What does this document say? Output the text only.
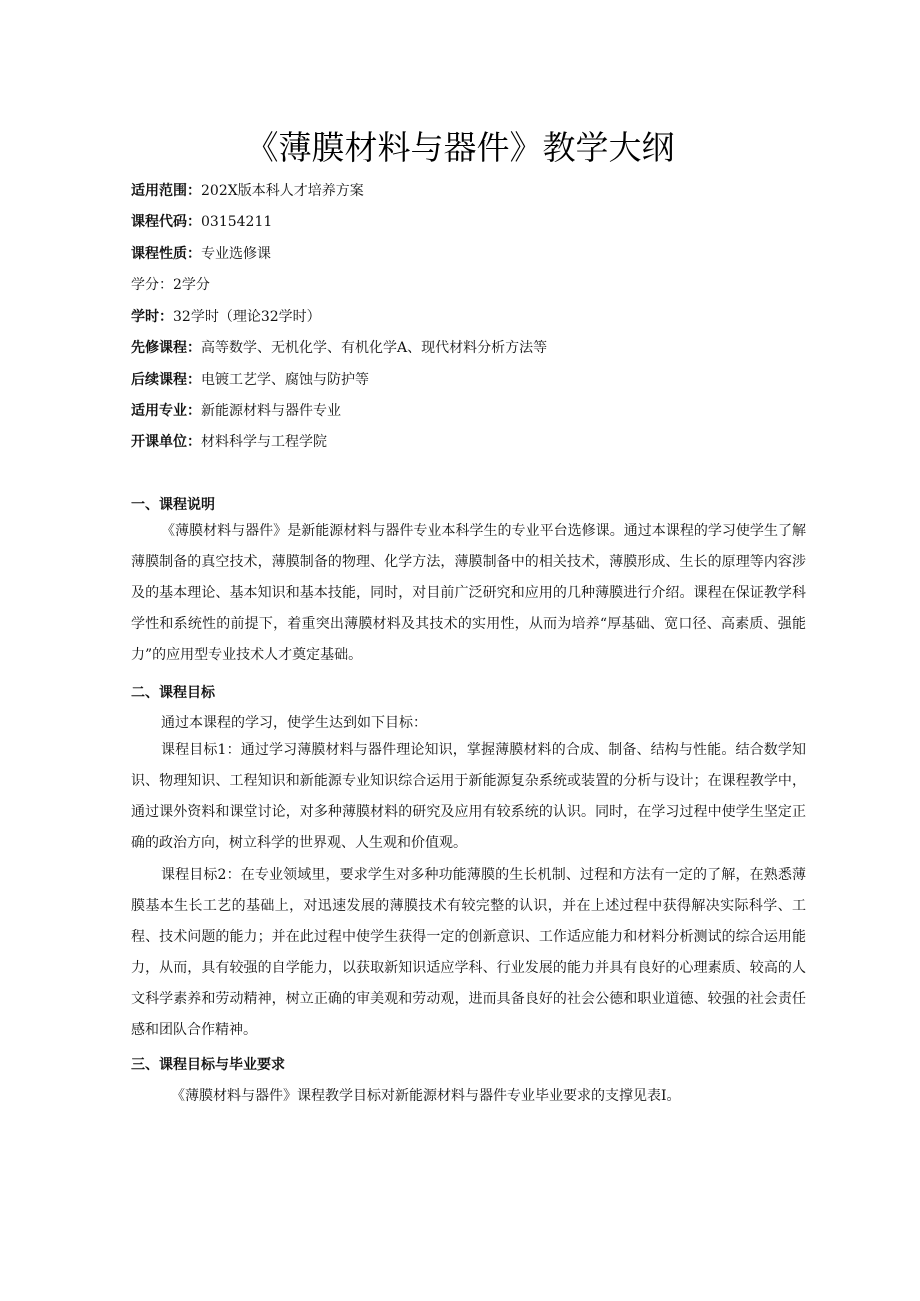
《薄膜材料与器件》教学大纲
适用范围：202X版本科人才培养方案
课程代码：03154211
课程性质：专业选修课
学分：2学分
学时：32学时（理论32学时）
先修课程：高等数学、无机化学、有机化学A、现代材料分析方法等
后续课程：电镀工艺学、腐蚀与防护等
适用专业：新能源材料与器件专业
开课单位：材料科学与工程学院
一、课程说明

《薄膜材料与器件》是新能源材料与器件专业本科学生的专业平台选修课。通过本课程的学习使学生了解薄膜制备的真空技术，薄膜制备的物理、化学方法，薄膜制备中的相关技术，薄膜形成、生长的原理等内容涉及的基本理论、基本知识和基本技能，同时，对目前广泛研究和应用的几种薄膜进行介绍。课程在保证教学科学性和系统性的前提下，着重突出薄膜材料及其技术的实用性，从而为培养“厚基础、宽口径、高素质、强能力”的应用型专业技术人才奠定基础。

二、课程目标
通过本课程的学习，使学生达到如下目标：

课程目标1：通过学习薄膜材料与器件理论知识，掌握薄膜材料的合成、制备、结构与性能。结合数学知识、物理知识、工程知识和新能源专业知识综合运用于新能源复杂系统或装置的分析与设计；在课程教学中，通过课外资料和课堂讨论，对多种薄膜材料的研究及应用有较系统的认识。同时，在学习过程中使学生坚定正确的政治方向，树立科学的世界观、人生观和价值观。

课程目标2：在专业领域里，要求学生对多种功能薄膜的生长机制、过程和方法有一定的了解，在熟悉薄膜基本生长工艺的基础上，对迅速发展的薄膜技术有较完整的认识，并在上述过程中获得解决实际科学、工程、技术问题的能力；并在此过程中使学生获得一定的创新意识、工作适应能力和材料分析测试的综合运用能力，从而，具有较强的自学能力，以获取新知识适应学科、行业发展的能力并具有良好的心理素质、较高的人文科学素养和劳动精神，树立正确的审美观和劳动观，进而具备良好的社会公德和职业道德、较强的社会责任感和团队合作精神。

三、课程目标与毕业要求
《薄膜材料与器件》课程教学目标对新能源材料与器件专业毕业要求的支撑见表I。
